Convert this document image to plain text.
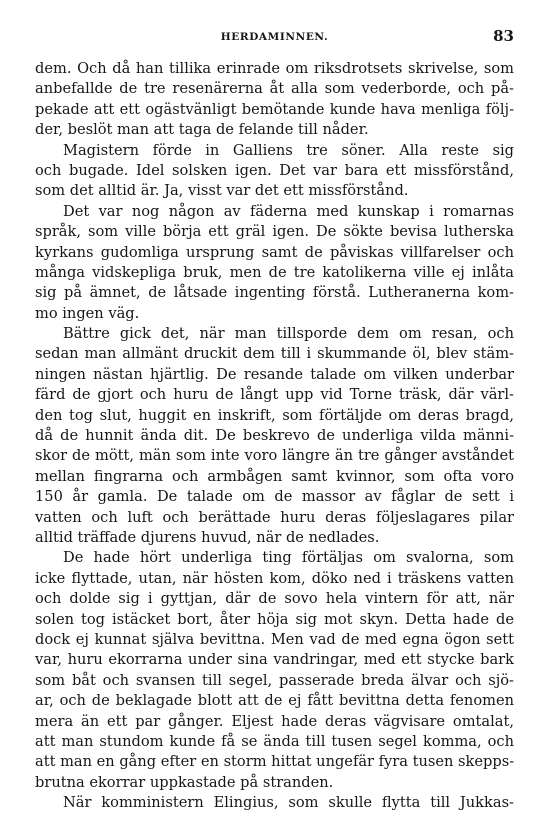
HERDAMINNEN.	83
dem. Och då han tillika erinrade om riksdrotsets skrivelse, som
anbefallde de tre resenärerna åt alla som vederborde, och på-
pekade att ett ogästvänligt bemötande kunde hava menliga följ-
der, beslöt man att taga de felande till nåder.
Magistern förde in Galliens tre söner. Alla reste sig
och bugade. Idel solsken igen. Det var bara ett missförstånd,
som det alltid är. Ja, visst var det ett missförstånd.
Det var nog någon av fäderna med kunskap i romarnas
språk, som ville börja ett gräl igen. De sökte bevisa lutherska
kyrkans gudomliga ursprung samt de påviskas villfarelser och
många vidskepliga bruk, men de tre katolikerna ville ej inlåta
sig på ämnet, de låtsade ingenting förstå. Lutheranerna kom-
mo ingen väg.
Bättre gick det, när man tillsporde dem om resan, och
sedan man allmänt druckit dem till i skummande öl, blev stäm-
ningen nästan hjärtlig. De resande talade om vilken underbar
färd de gjort och huru de långt upp vid Torne träsk, där värl-
den tog slut, huggit en inskrift, som förtäljde om deras bragd,
då de hunnit ända dit. De beskrevo de underliga vilda männi-
skor de mött, män som inte voro längre än tre gånger avståndet
mellan fingrarna och armbågen samt kvinnor, som ofta voro
150 år gamla. De talade om de massor av fåglar de sett i
vatten och luft och berättade huru deras följeslagares pilar
alltid träffade djurens huvud, när de nedlades.
De hade hört underliga ting förtäljas om svalorna, som
icke flyttade, utan, när hösten kom, döko ned i träskens vatten
och dolde sig i gyttjan, där de sovo hela vintern för att, när
solen tog istäcket bort, åter höja sig mot skyn. Detta hade de
dock ej kunnat själva bevittna. Men vad de med egna ögon sett
var, huru ekorrarna under sina vandringar, med ett stycke bark
som båt och svansen till segel, passerade breda älvar och sjö-
ar, och de beklagade blott att de ej fått bevittna detta fenomen
mera än ett par gånger. Eljest hade deras vägvisare omtalat,
att man stundom kunde få se ända till tusen segel komma, och
att man en gång efter en storm hittat ungefär fyra tusen skepps-
brutna ekorrar uppkastade på stranden.
När komministern Elingius, som skulle flytta till Jukkas-
